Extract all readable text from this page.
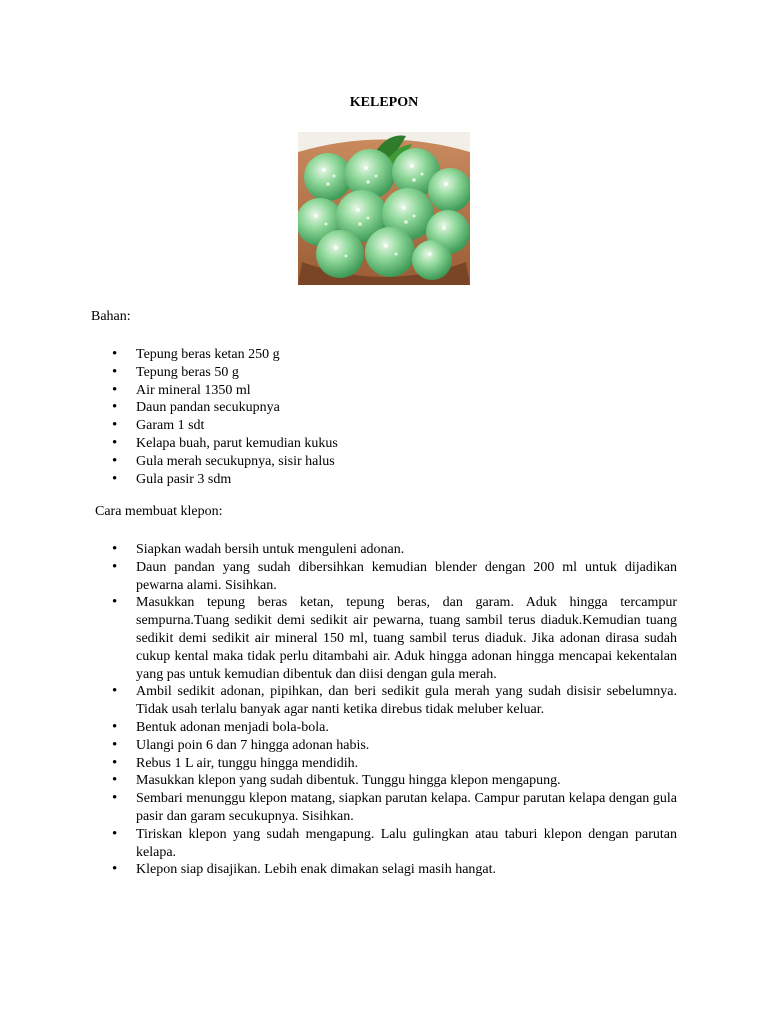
KELEPON
Bahan:
• Tepung beras ketan 250 g
• Tepung beras 50 g
• Air mineral 1350 ml
• Daun pandan secukupnya
• Garam 1 sdt
• Kelapa buah, parut kemudian kukus
• Gula merah secukupnya, sisir halus
• Gula pasir 3 sdm
Cara membuat klepon:
• Siapkan wadah bersih untuk menguleni adonan.
• Daun pandan yang sudah dibersihkan kemudian blender dengan 200 ml untuk dijadikan pewarna alami. Sisihkan.
• Masukkan tepung beras ketan, tepung beras, dan garam. Aduk hingga tercampur sempurna.Tuang sedikit demi sedikit air pewarna, tuang sambil terus diaduk.Kemudian tuang sedikit demi sedikit air mineral 150 ml, tuang sambil terus diaduk. Jika adonan dirasa sudah cukup kental maka tidak perlu ditambahi air. Aduk hingga adonan hingga mencapai kekentalan yang pas untuk kemudian dibentuk dan diisi dengan gula merah.
• Ambil sedikit adonan, pipihkan, dan beri sedikit gula merah yang sudah disisir sebelumnya. Tidak usah terlalu banyak agar nanti ketika direbus tidak meluber keluar.
• Bentuk adonan menjadi bola-bola.
• Ulangi poin 6 dan 7 hingga adonan habis.
• Rebus 1 L air, tunggu hingga mendidih.
• Masukkan klepon yang sudah dibentuk. Tunggu hingga klepon mengapung.
• Sembari menunggu klepon matang, siapkan parutan kelapa. Campur parutan kelapa dengan gula pasir dan garam secukupnya. Sisihkan.
• Tiriskan klepon yang sudah mengapung. Lalu gulingkan atau taburi klepon dengan parutan kelapa.
• Klepon siap disajikan. Lebih enak dimakan selagi masih hangat.
